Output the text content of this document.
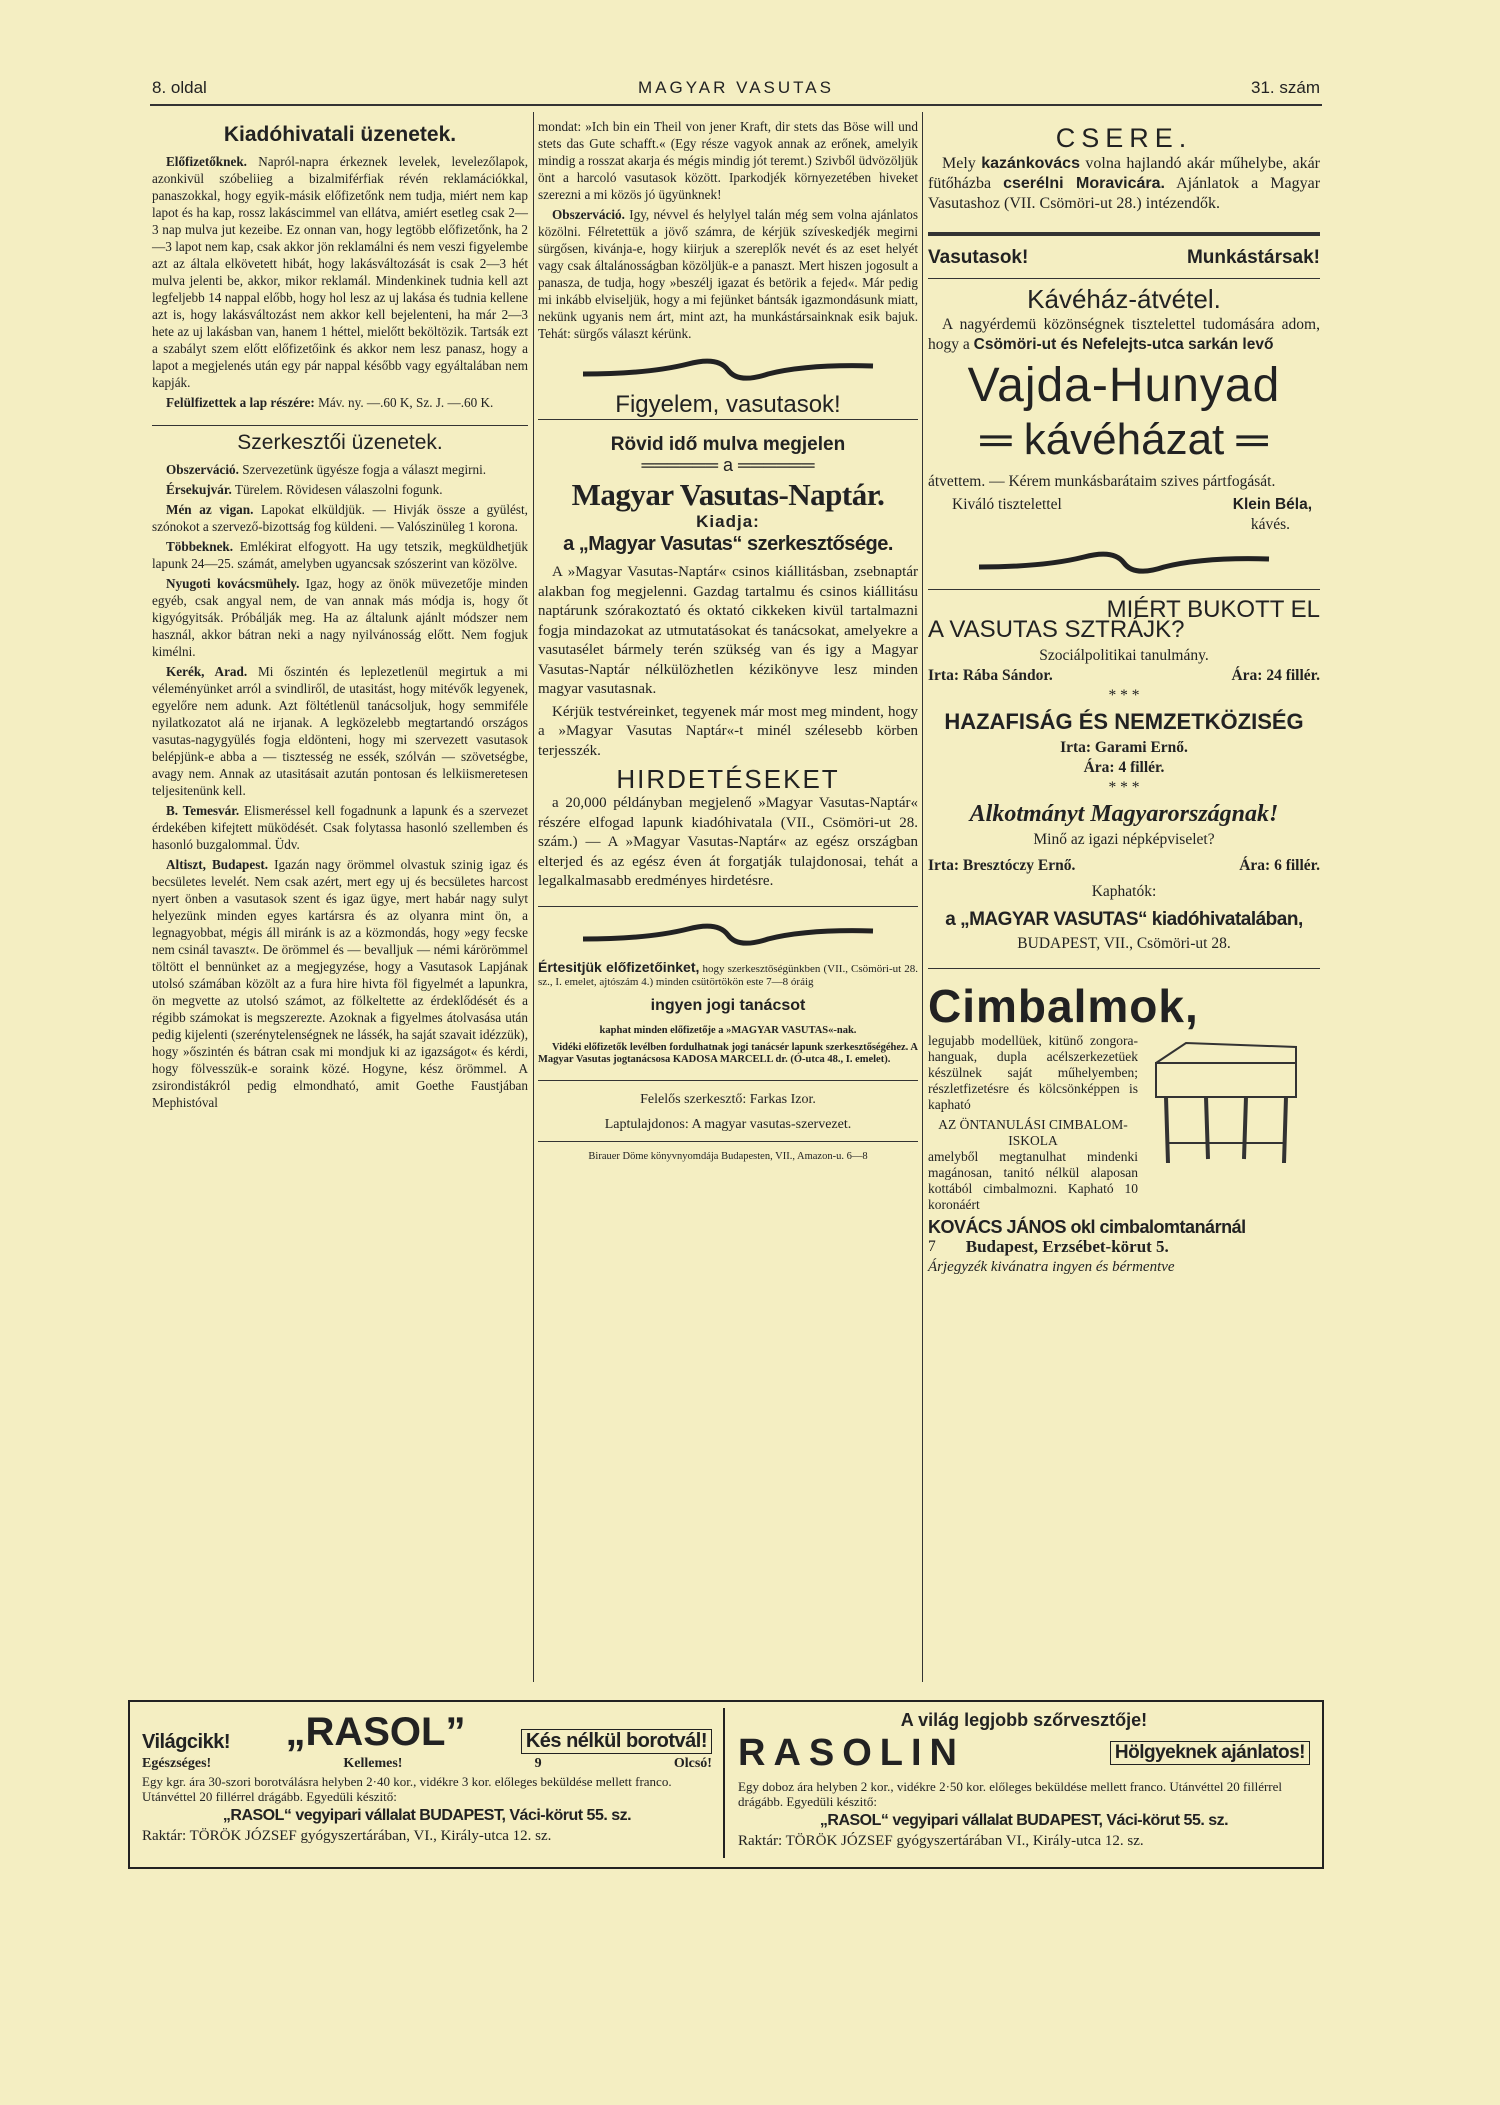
8. oldal	MAGYAR VASUTAS	31. szám
Kiadóhivatali üzenetek.

Előfizetőknek. Napról-napra érkeznek levelek, levelezőlapok, azonkivül szóbeliieg a bizalmiférfiak révén reklamációkkal, panaszokkal, hogy egyik-másik előfizetőnk nem tudja, miért nem kap lapot és ha kap, rossz lakáscimmel van ellátva, amiért esetleg csak 2—3 nap mulva jut kezeibe. Ez onnan van, hogy legtöbb előfizetőnk, ha 2—3 lapot nem kap, csak akkor jön reklamálni és nem veszi figyelembe azt az általa elkövetett hibát, hogy lakásváltozását is csak 2—3 hét mulva jelenti be, akkor, mikor reklamál. Mindenkinek tudnia kell azt legfeljebb 14 nappal előbb, hogy hol lesz az uj lakása és tudnia kellene azt is, hogy lakásváltozást nem akkor kell bejelenteni, ha már 2—3 hete az uj lakásban van, hanem 1 héttel, mielőtt beköltözik. Tartsák ezt a szabályt szem előtt előfizetőink és akkor nem lesz panasz, hogy a lapot a megjelenés után egy pár nappal később vagy egyáltalában nem kapják.

Felülfizettek a lap részére: Máv. ny. —.60 K, Sz. J. —.60 K.

Szerkesztői üzenetek.

Obszerváció. Szervezetünk ügyésze fogja a választ megirni.

Érsekujvár. Türelem. Rövidesen válaszolni fogunk.

Mén az vigan. Lapokat elküldjük. — Hivják össze a gyülést, szónokot a szervező-bizottság fog küldeni. — Valószinüleg 1 korona.

Többeknek. Emlékirat elfogyott. Ha ugy tetszik, megküldhetjük lapunk 24—25. számát, amelyben ugyancsak szószerint van közölve.

Nyugoti kovácsmühely. Igaz, hogy az önök müvezetője minden egyéb, csak angyal nem, de van annak más módja is, hogy őt kigyógyitsák. Próbálják meg. Ha az általunk ajánlt módszer nem használ, akkor bátran neki a nagy nyilvánosság előtt. Nem fogjuk kimélni.

Kerék, Arad. Mi őszintén és leplezetlenül megirtuk a mi véleményünket arról a svindliről, de utasitást, hogy mitévők legyenek, egyelőre nem adunk. Azt föltétlenül tanácsoljuk, hogy semmiféle nyilatkozatot alá ne irjanak. A legközelebb megtartandó országos vasutas-nagygyülés fogja eldönteni, hogy mi szervezett vasutasok belépjünk-e abba a — tisztesség ne essék, szólván — szövetségbe, avagy nem. Annak az utasitásait azután pontosan és lelkiismeretesen teljesitenünk kell.

B. Temesvár. Elismeréssel kell fogadnunk a lapunk és a szervezet érdekében kifejtett müködését. Csak folytassa hasonló szellemben és hasonló buzgalommal. Üdv.

Altiszt, Budapest. Igazán nagy örömmel olvastuk szinig igaz és becsületes levelét. Nem csak azért, mert egy uj és becsületes harcost nyert önben a vasutasok szent és igaz ügye, mert habár nagy sulyt helyezünk minden egyes kartársra és az olyanra mint ön, a legnagyobbat, mégis áll miránk is az a közmondás, hogy »egy fecske nem csinál tavaszt«. De örömmel és — bevalljuk — némi kárörömmel töltött el bennünket az a megjegyzése, hogy a Vasutasok Lapjának utolsó számában közölt az a fura hire hivta föl figyelmét a lapunkra, ön megvette az utolsó számot, az fölkeltette az érdeklődését és a régibb számokat is megszerezte. Azoknak a figyelmes átolvasása után pedig kijelenti (szerénytelenségnek ne lássék, ha saját szavait idézzük), hogy »őszintén és bátran csak mi mondjuk ki az igazságot« és kérdi, hogy fölvesszük-e soraink közé. Hogyne, kész örömmel. A zsirondistákról pedig elmondható, amit Goethe Faustjában Mephistóval

mondat: »Ich bin ein Theil von jener Kraft, dir stets das Böse will und stets das Gute schafft.« (Egy része vagyok annak az erőnek, amelyik mindig a rosszat akarja és mégis mindig jót teremt.) Szivből üdvözöljük önt a harcoló vasutasok között. Iparkodjék környezetében hiveket szerezni a mi közös jó ügyünknek!

Obszerváció. Igy, névvel és helylyel talán még sem volna ajánlatos közölni. Félretettük a jövő számra, de kérjük szíveskedjék megirni sürgősen, kivánja-e, hogy kiirjuk a szereplők nevét és az eset helyét vagy csak általánosságban közöljük-e a panaszt. Mert hiszen jogosult a panasza, de tudja, hogy »beszélj igazat és betörik a fejed«. Már pedig mi inkább elviseljük, hogy a mi fejünket bántsák igazmondásunk miatt, nekünk ugyanis nem árt, mint azt, ha munkástársainknak esik bajuk. Tehát: sürgős választ kérünk.

Figyelem, vasutasok!
Rövid idő mulva megjelen
══════ a ══════
Magyar Vasutas-Naptár.
Kiadja:
a „Magyar Vasutas“ szerkesztősége.

A »Magyar Vasutas-Naptár« csinos kiállitásban, zsebnaptár alakban fog megjelenni. Gazdag tartalmu és csinos kiállitásu naptárunk szórakoztató és oktató cikkeken kivül tartalmazni fogja mindazokat az utmutatásokat és tanácsokat, amelyekre a vasutasélet bármely terén szükség van és igy a Magyar Vasutas-Naptár nélkülözhetlen kézikönyve lesz minden magyar vasutasnak.

Kérjük testvéreinket, tegyenek már most meg mindent, hogy a »Magyar Vasutas Naptár«-t minél szélesebb körben terjesszék.

HIRDETÉSEKET

a 20,000 példányban megjelenő »Magyar Vasutas-Naptár« részére elfogad lapunk kiadóhivatala (VII., Csömöri-ut 28. szám.) — A »Magyar Vasutas-Naptár« az egész országban elterjed és az egész éven át forgatják tulajdonosai, tehát a legalkalmasabb eredményes hirdetésre.

Értesitjük előfizetőinket, hogy szerkesztőségünkben (VII., Csömöri-ut 28. sz., I. emelet, ajtószám 4.) minden csütörtökön este 7—8 óráig

ingyen jogi tanácsot

kaphat minden előfizetője a »MAGYAR VASUTAS«-nak.

Vidéki előfizetők levélben fordulhatnak jogi tanácsér lapunk szerkesztőségéhez. A Magyar Vasutas jogtanácsosa KADOSA MARCELL dr. (Ó-utca 48., I. emelet).

Felelős szerkesztő: Farkas Izor.
Laptulajdonos: A magyar vasutas-szervezet.
Birauer Döme könyvnyomdája Budapesten, VII., Amazon-u. 6—8
CSERE.

Mely kazánkovács volna hajlandó akár műhelybe, akár fütőházba cserélni Moravicára. Ajánlatok a Magyar Vasutashoz (VII. Csömöri-ut 28.) intézendők.

Vasutasok!	Munkástársak!
Kávéház-átvétel.

A nagyérdemü közönségnek tisztelettel tudomására adom, hogy a Csömöri-ut és Nefelejts-utca sarkán levő

Vajda-Hunyad
═ kávéházat ═

átvettem. — Kérem munkásbarátaim szives pártfogását.

Kiváló tisztelettel	Klein Béla,
kávés.
MIÉRT BUKOTT EL
A VASUTAS SZTRÁJK?
Szociálpolitikai tanulmány.
Irta: Rába Sándor.	Ára: 24 fillér.
* * *
HAZAFISÁG ÉS NEMZETKÖZISÉG
Irta: Garami Ernő.
Ára: 4 fillér.
* * *
Alkotmányt Magyarországnak!
Minő az igazi népképviselet?
Irta: Bresztóczy Ernő.	Ára: 6 fillér.
Kaphatók:
a „MAGYAR VASUTAS“ kiadóhivatalában,
BUDAPEST, VII., Csömöri-ut 28.
Cimbalmok,
legujabb modellüek, kitünő zongora-hanguak, dupla acélszerkezetüek készülnek saját műhelyemben; részletfizetésre és kölcsönképpen is kapható
AZ ÖNTANULÁSI CIMBALOM-ISKOLA
amelyből megtanulhat mindenki magánosan, tanitó nélkül alaposan kottából cimbalmozni. Kapható 10 koronáért
KOVÁCS JÁNOS okl cimbalomtanárnál
7 Budapest, Erzsébet-körut 5.
Árjegyzék kivánatra ingyen és bérmentve
Világcikk! „RASOL”	Kés nélkül borotvál!
Egészséges!	Kellemes!	9	Olcsó!
Egy kgr. ára 30-szori borotválásra helyben 2·40 kor., vidékre 3 kor. előleges beküldése mellett franco. Utánvéttel 20 fillérrel drágább. Egyedüli készitő:
„RASOL“ vegyipari vállalat BUDAPEST, Váci-körut 55. sz.
Raktár: TÖRÖK JÓZSEF gyógyszertárában, VI., Király-utca 12. sz.
A világ legjobb szőrvesztője!
RASOLIN	Hölgyeknek ajánlatos!
Egy doboz ára helyben 2 kor., vidékre 2·50 kor. előleges beküldése mellett franco. Utánvéttel 20 fillérrel drágább. Egyedüli készitő:
„RASOL“ vegyipari vállalat BUDAPEST, Váci-körut 55. sz.
Raktár: TÖRÖK JÓZSEF gyógyszertárában VI., Király-utca 12. sz.
